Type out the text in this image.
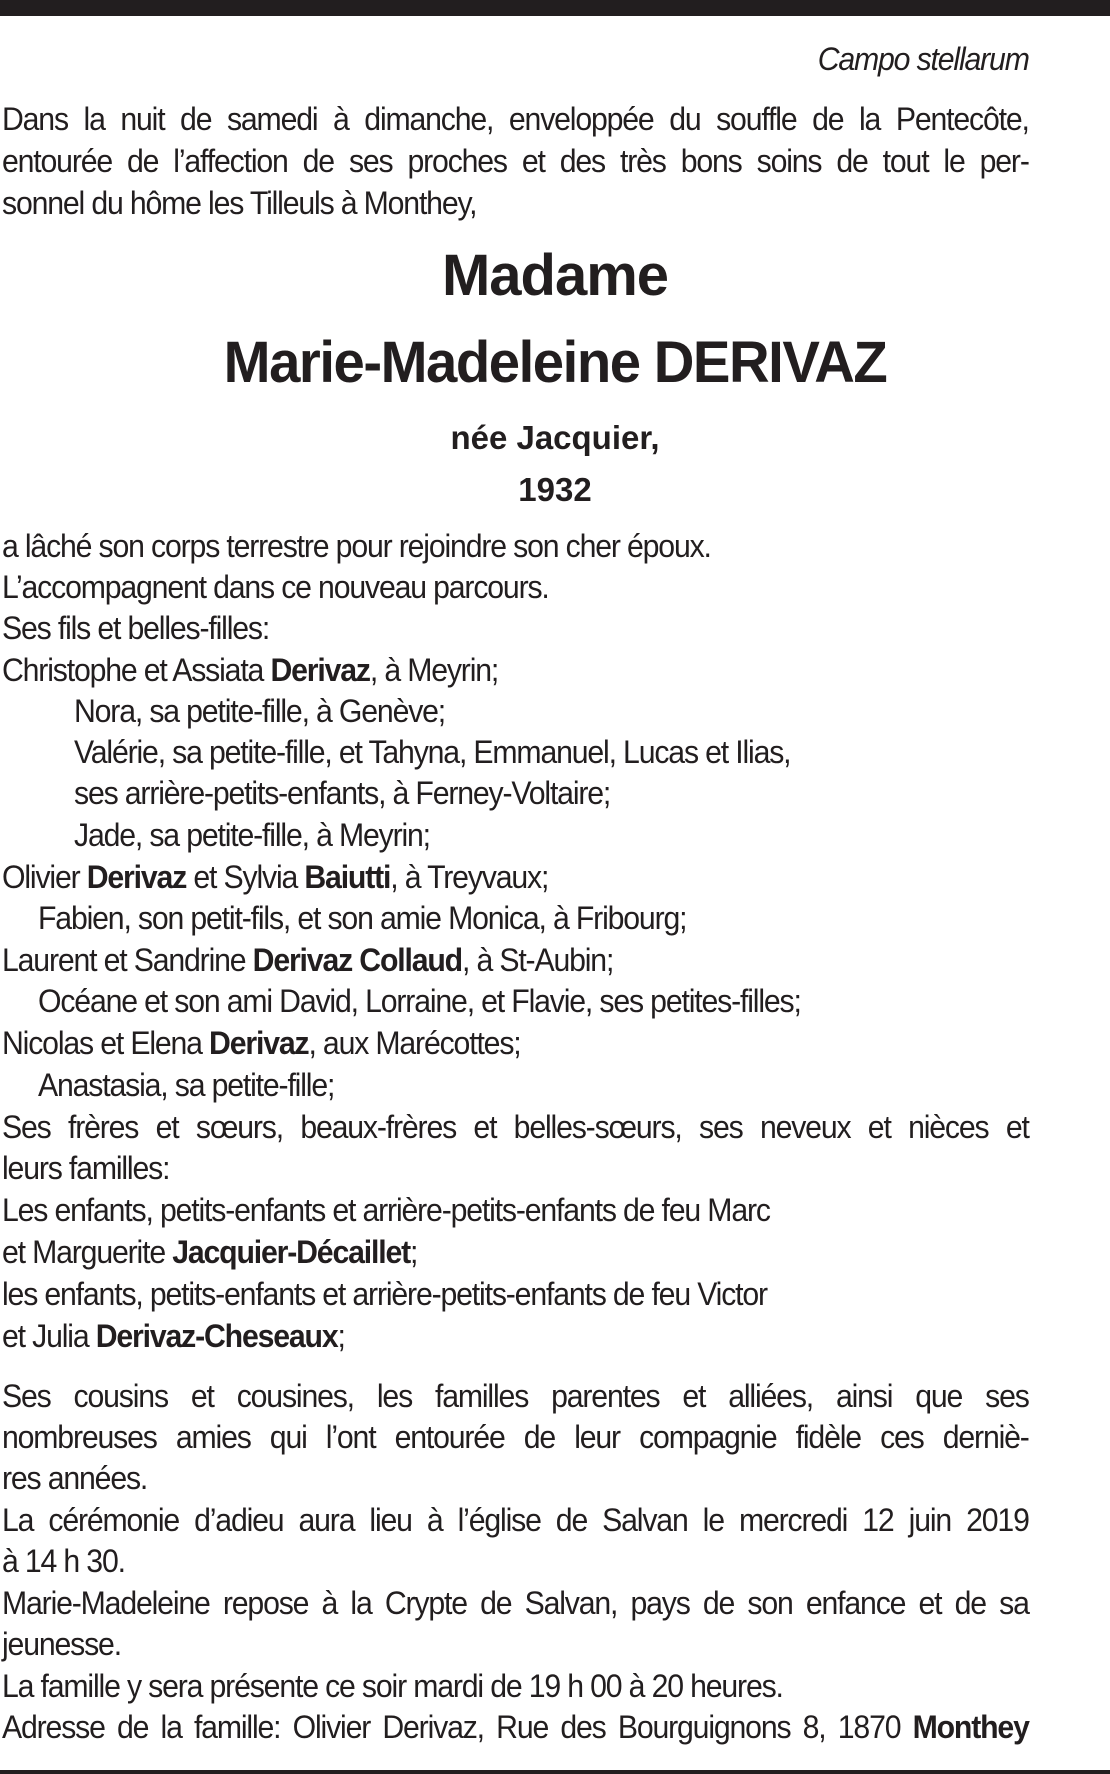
Campo stellarum
Dans la nuit de samedi à dimanche, enveloppée du souffle de la Pentecôte,
entourée de l’affection de ses proches et des très bons soins de tout le per-
sonnel du hôme les Tilleuls à Monthey,
Madame
Marie-Madeleine DERIVAZ
née Jacquier,
1932
a lâché son corps terrestre pour rejoindre son cher époux.
L’accompagnent dans ce nouveau parcours.
Ses fils et belles-filles:
Christophe et Assiata Derivaz, à Meyrin;
Nora, sa petite-fille, à Genève;
Valérie, sa petite-fille, et Tahyna, Emmanuel, Lucas et Ilias,
ses arrière-petits-enfants, à Ferney-Voltaire;
Jade, sa petite-fille, à Meyrin;
Olivier Derivaz et Sylvia Baiutti, à Treyvaux;
Fabien, son petit-fils, et son amie Monica, à Fribourg;
Laurent et Sandrine Derivaz Collaud, à St-Aubin;
Océane et son ami David, Lorraine, et Flavie, ses petites-filles;
Nicolas et Elena Derivaz, aux Marécottes;
Anastasia, sa petite-fille;
Ses frères et sœurs, beaux-frères et belles-sœurs, ses neveux et nièces et
leurs familles:
Les enfants, petits-enfants et arrière-petits-enfants de feu Marc
et Marguerite Jacquier-Décaillet;
les enfants, petits-enfants et arrière-petits-enfants de feu Victor
et Julia Derivaz-Cheseaux;
Ses cousins et cousines, les familles parentes et alliées, ainsi que ses
nombreuses amies qui l’ont entourée de leur compagnie fidèle ces derniè-
res années.
La cérémonie d’adieu aura lieu à l’église de Salvan le mercredi 12 juin 2019
à 14 h 30.
Marie-Madeleine repose à la Crypte de Salvan, pays de son enfance et de sa
jeunesse.
La famille y sera présente ce soir mardi de 19 h 00 à 20 heures.
Adresse de la famille: Olivier Derivaz, Rue des Bourguignons 8, 1870 Monthey
